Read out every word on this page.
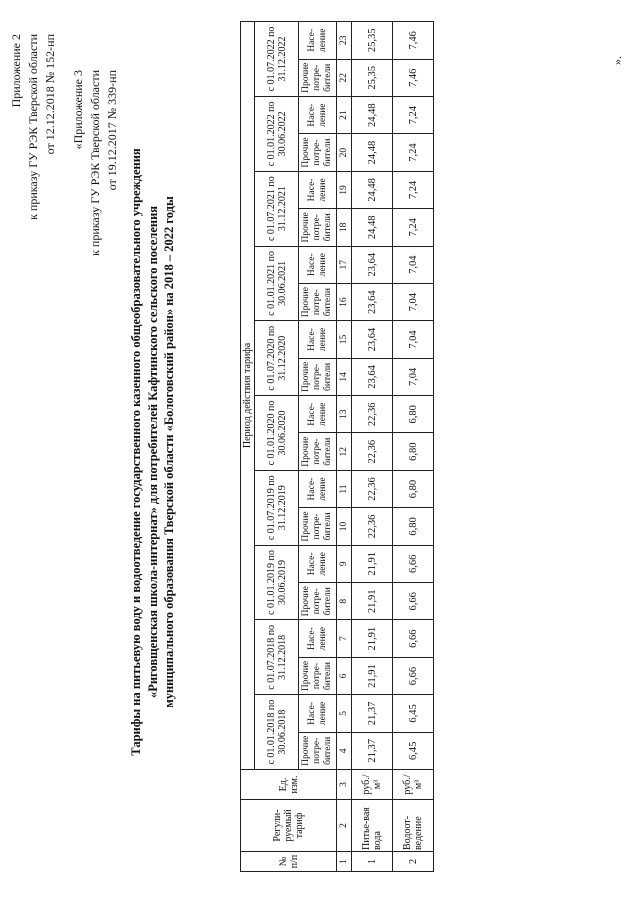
Приложение 2 к приказу ГУ РЭК Тверской области от 12.12.2018 № 152-нп «Приложение 3 к приказу ГУ РЭК Тверской области от 19.12.2017 № 339-нп
Тарифы на питьевую воду и водоотведение государственного казенного общеобразовательного учреждения «Риговщенская школа-интернат» для потребителей Кафтинского сельского поселения муниципального образования Тверской области «Бологовский район» на 2018 – 2022 годы
№ п/п	Регули-руемый тариф	Ед. изм.	Период действия тарифа																			
			с 01.01.2018 по 30.06.2018		с 01.07.2018 по 31.12.2018		с 01.01.2019 по 30.06.2019		с 01.07.2019 по 31.12.2019		с 01.01.2020 по 30.06.2020		с 01.07.2020 по 31.12.2020		с 01.01.2021 по 30.06.2021		с 01.07.2021 по 31.12.2021		с 01.01.2022 по 30.06.2022		с 01.07.2022 по 31.12.2022	
			Прочие потре-бители	Насе-ление	Прочие потре-бители	Насе-ление	Прочие потре-бители	Насе-ление	Прочие потре-бители	Насе-ление	Прочие потре-бители	Насе-ление	Прочие потре-бители	Насе-ление	Прочие потре-бители	Насе-ление	Прочие потре-бители	Насе-ление	Прочие потре-бители	Насе-ление	Прочие потре-бители	Насе-ление
1	2	3	4	5	6	7	8	9	10	11	12	13	14	15	16	17	18	19	20	21	22	23
1	Питье-вая вода	руб./м³	21,37	21,37	21,91	21,91	21,91	21,91	22,36	22,36	22,36	22,36	23,64	23,64	23,64	23,64	24,48	24,48	24,48	24,48	25,35	25,35
2	Водоот-ведение	руб./м³	6,45	6,45	6,66	6,66	6,66	6,66	6,80	6,80	6,80	6,80	7,04	7,04	7,04	7,04	7,24	7,24	7,24	7,24	7,46	7,46
».
